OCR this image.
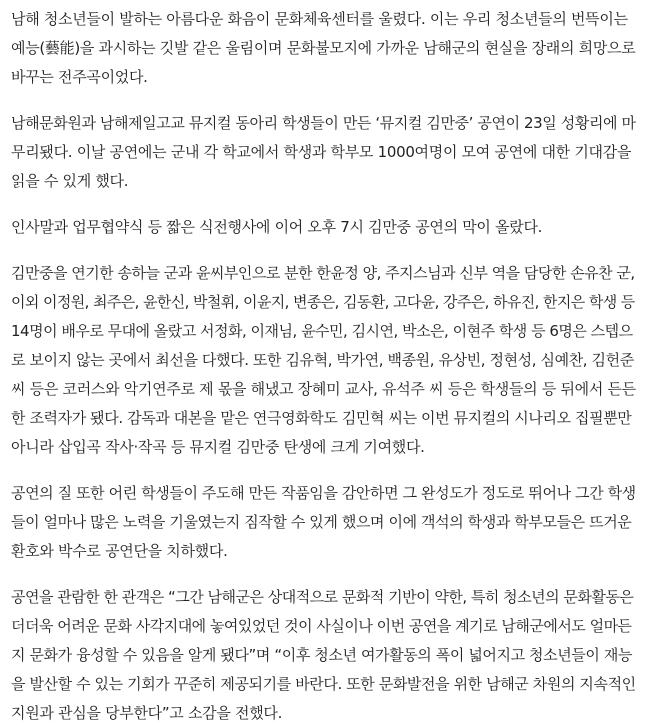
남해 청소년들이 발하는 아름다운 화음이 문화체육센터를 울렸다. 이는 우리 청소년들의 번뜩이는
예능(藝能)을 과시하는 깃발 같은 울림이며 문화불모지에 가까운 남해군의 현실을 장래의 희망으로
바꾸는 전주곡이었다.

남해문화원과 남해제일고교 뮤지컬 동아리 학생들이 만든 ‘뮤지컬 김만중’ 공연이 23일 성황리에 마
무리됐다. 이날 공연에는 군내 각 학교에서 학생과 학부모 1000여명이 모여 공연에 대한 기대감을
읽을 수 있게 했다.

인사말과 업무협약식 등 짧은 식전행사에 이어 오후 7시 김만중 공연의 막이 올랐다.

김만중을 연기한 송하늘 군과 윤씨부인으로 분한 한윤정 양, 주지스님과 신부 역을 담당한 손유찬 군,
이외 이정원, 최주은, 윤한신, 박철휘, 이윤지, 변종은, 김동환, 고다윤, 강주은, 하유진, 한지은 학생 등
14명이 배우로 무대에 올랐고 서정화, 이재님, 윤수민, 김시연, 박소은, 이현주 학생 등 6명은 스텝으
로 보이지 않는 곳에서 최선을 다했다. 또한 김유혁, 박가연, 백종원, 유상빈, 정현성, 심예찬, 김헌준
씨 등은 코러스와 악기연주로 제 몫을 해냈고 장혜미 교사, 유석주 씨 등은 학생들의 등 뒤에서 든든
한 조력자가 됐다. 감독과 대본을 맡은 연극영화학도 김민혁 씨는 이번 뮤지컬의 시나리오 집필뿐만
아니라 삽입곡 작사·작곡 등 뮤지컬 김만중 탄생에 크게 기여했다.

공연의 질 또한 어린 학생들이 주도해 만든 작품임을 감안하면 그 완성도가 정도로 뛰어나 그간 학생
들이 얼마나 많은 노력을 기울였는지 짐작할 수 있게 했으며 이에 객석의 학생과 학부모들은 뜨거운
환호와 박수로 공연단을 치하했다.

공연을 관람한 한 관객은 “그간 남해군은 상대적으로 문화적 기반이 약한, 특히 청소년의 문화활동은
더더욱 어려운 문화 사각지대에 놓여있었던 것이 사실이나 이번 공연을 계기로 남해군에서도 얼마든
지 문화가 융성할 수 있음을 알게 됐다”며 “이후 청소년 여가활동의 폭이 넓어지고 청소년들이 재능
을 발산할 수 있는 기회가 꾸준히 제공되기를 바란다. 또한 문화발전을 위한 남해군 차원의 지속적인
지원과 관심을 당부한다”고 소감을 전했다.
